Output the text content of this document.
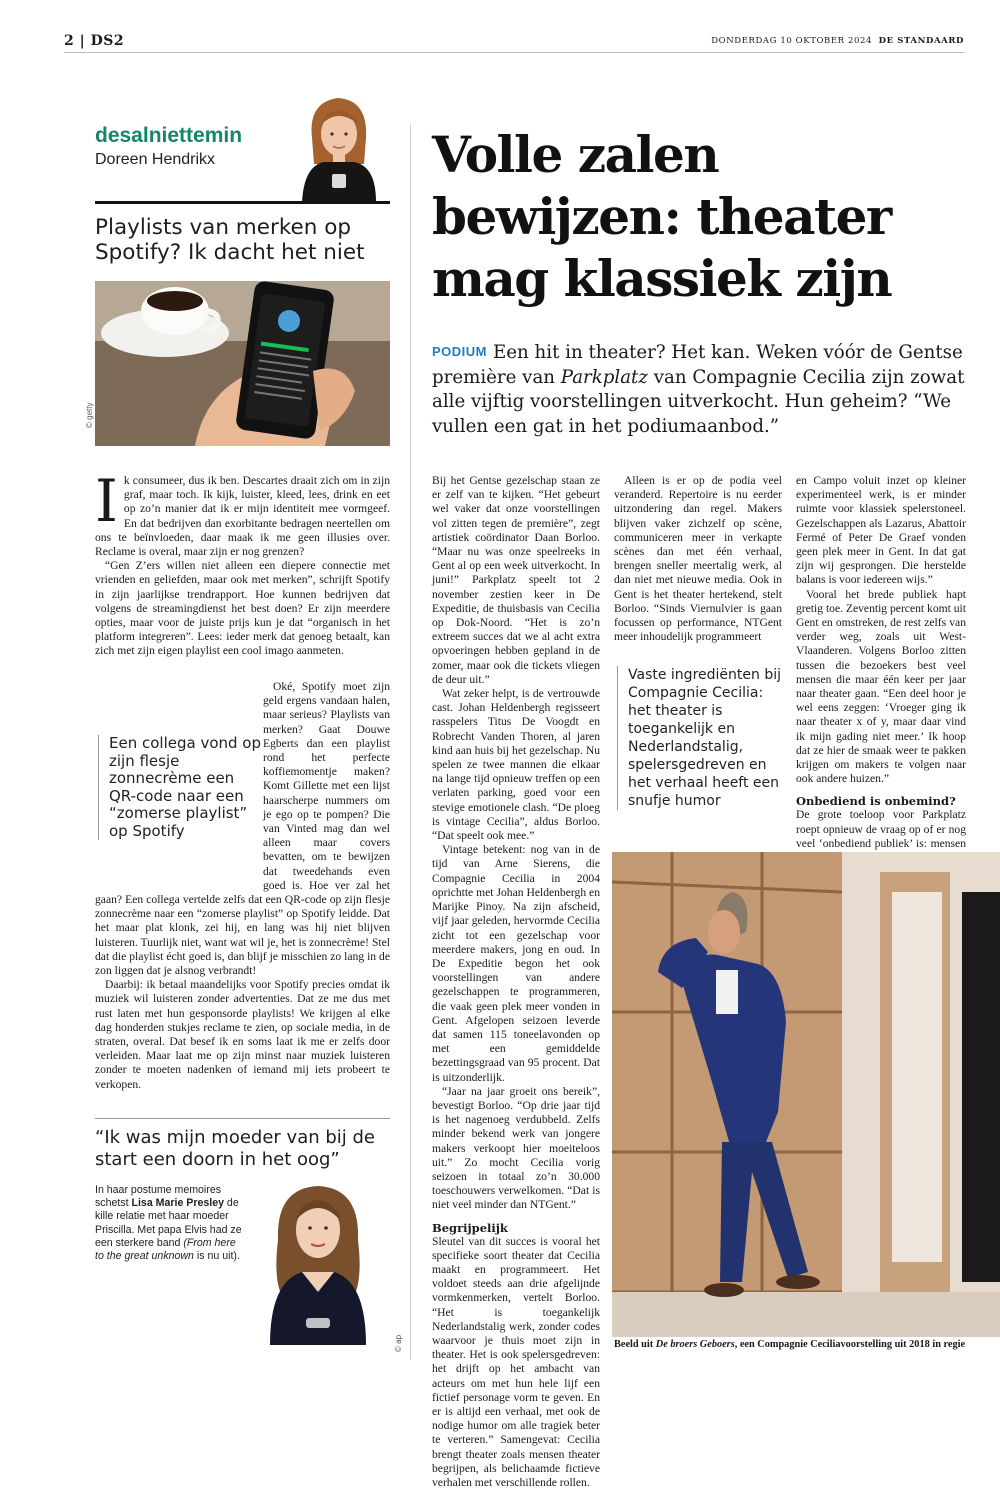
2 | DS2	DONDERDAG 10 OKTOBER 2024 DE STANDAARD
desalniettemin
Doreen Hendrikx
Playlists van merken op Spotify? Ik dacht het niet
© getty

Ik consumeer, dus ik ben. Descartes draait zich om in zijn graf, maar toch. Ik kijk, luister, kleed, lees, drink en eet op zo’n manier dat ik er mijn identiteit mee vormgeef. En dat bedrijven dan exorbitante bedragen neertellen om ons te beïnvloeden, daar maak ik me geen illusies over. Reclame is overal, maar zijn er nog grenzen?

“Gen Z’ers willen niet alleen een diepere connectie met vrienden en geliefden, maar ook met merken”, schrijft Spotify in zijn jaarlijkse trendrapport. Hoe kunnen bedrijven dat volgens de streamingdienst het best doen? Er zijn meerdere opties, maar voor de juiste prijs kun je dat “organisch in het platform integreren”. Lees: ieder merk dat genoeg betaalt, kan zich met zijn eigen playlist een cool imago aanmeten.

Oké, Spotify moet zijn geld ergens vandaan halen, maar serieus? Playlists van merken? Gaat Douwe Egberts dan een playlist rond het perfecte koffiemomentje maken? Komt Gillette met een lijst haarscherpe nummers om je ego op te pompen? Die van Vinted mag dan wel alleen maar covers bevatten, om te bewijzen dat tweedehands even goed is. Hoe ver zal het gaan? Een collega vertelde zelfs dat een QR-code op zijn flesje zonnecrème naar een “zomerse playlist” op Spotify leidde. Dat het maar plat klonk, zei hij, en lang was hij niet blijven luisteren. Tuurlijk niet, want wat wil je, het is zonnecrème! Stel dat die playlist écht goed is, dan blijf je misschien zo lang in de zon liggen dat je alsnog verbrandt!

Daarbij: ik betaal maandelijks voor Spotify precies omdat ik muziek wil luisteren zonder advertenties. Dat ze me dus met rust laten met hun gesponsorde playlists! We krijgen al elke dag honderden stukjes reclame te zien, op sociale media, in de straten, overal. Dat besef ik en soms laat ik me er zelfs door verleiden. Maar laat me op zijn minst naar muziek luisteren zonder te moeten nadenken of iemand mij iets probeert te verkopen.

Een collega vond op zijn flesje zonnecrème een QR-code naar een “zomerse playlist” op Spotify
“Ik was mijn moeder van bij de start een doorn in het oog”
In haar postume memoires schetst Lisa Marie Presley de kille relatie met haar moeder Priscilla. Met papa Elvis had ze een sterkere band (From here to the great unknown is nu uit).
© ap
Volle zalen bewijzen: theater mag klassiek zijn
PODIUM Een hit in theater? Het kan. Weken vóór de Gentse première van Parkplatz van Compagnie Cecilia zijn zowat alle vijftig voorstellingen uitverkocht. Hun geheim? “We vullen een gat in het podiumaanbod.”

Bij het Gentse gezelschap staan ze er zelf van te kijken. “Het gebeurt wel vaker dat onze voorstellingen vol zitten tegen de première”, zegt artistiek coördinator Daan Borloo. “Maar nu was onze speelreeks in Gent al op een week uitverkocht. In juni!” Parkplatz speelt tot 2 november zestien keer in De Expeditie, de thuisbasis van Cecilia op Dok-Noord. “Het is zo’n extreem succes dat we al acht extra opvoeringen hebben gepland in de zomer, maar ook die tickets vliegen de deur uit.”

Wat zeker helpt, is de vertrouwde cast. Johan Heldenbergh regisseert rasspelers Titus De Voogdt en Robrecht Vanden Thoren, al jaren kind aan huis bij het gezelschap. Nu spelen ze twee mannen die elkaar na lange tijd opnieuw treffen op een verlaten parking, goed voor een stevige emotionele clash. “De ploeg is vintage Cecilia”, aldus Borloo. “Dat speelt ook mee.”

Vintage betekent: nog van in de tijd van Arne Sierens, die Compagnie Cecilia in 2004 oprichtte met Johan Heldenbergh en Marijke Pinoy. Na zijn afscheid, vijf jaar geleden, hervormde Cecilia zicht tot een gezelschap voor meerdere makers, jong en oud. In De Expeditie begon het ook voorstellingen van andere gezelschappen te programmeren, die vaak geen plek meer vonden in Gent. Afgelopen seizoen leverde dat samen 115 toneelavonden op met een gemiddelde bezettingsgraad van 95 procent. Dat is uitzonderlijk.

“Jaar na jaar groeit ons bereik”, bevestigt Borloo. “Op drie jaar tijd is het nagenoeg verdubbeld. Zelfs minder bekend werk van jongere makers verkoopt hier moeiteloos uit.” Zo mocht Cecilia vorig seizoen in totaal zo’n 30.000 toeschouwers verwelkomen. “Dat is niet veel minder dan NTGent.”

Begrijpelijk

Sleutel van dit succes is vooral het specifieke soort theater dat Cecilia maakt en programmeert. Het voldoet steeds aan drie afgelijnde vormkenmerken, vertelt Borloo. “Het is toegankelijk Nederlandstalig werk, zonder codes waarvoor je thuis moet zijn in theater. Het is ook spelersgedreven: het drijft op het ambacht van acteurs om met hun hele lijf een fictief personage vorm te geven. En er is altijd een verhaal, met ook de nodige humor om alle tragiek beter te verteren.” Samengevat: Cecilia brengt theater zoals mensen theater begrijpen, als belichaamde fictieve verhalen met verschillende rollen.

Alleen is er op de podia veel veranderd. Repertoire is nu eerder uitzondering dan regel. Makers blijven vaker zichzelf op scène, communiceren meer in verkapte scènes dan met één verhaal, brengen sneller meertalig werk, al dan niet met nieuwe media. Ook in Gent is het theater hertekend, stelt Borloo. “Sinds Viernulvier is gaan focussen op performance, NTGent meer inhoudelijk programmeert

Vaste ingrediënten bij Compagnie Cecilia: het theater is toegankelijk en Nederlandstalig, spelersgedreven en het verhaal heeft een snufje humor

en Campo voluit inzet op kleiner experimenteel werk, is er minder ruimte voor klassiek spelerstoneel. Gezelschappen als Lazarus, Abattoir Fermé of Peter De Graef vonden geen plek meer in Gent. In dat gat zijn wij gesprongen. Die herstelde balans is voor iedereen wijs.”

Vooral het brede publiek hapt gretig toe. Zeventig percent komt uit Gent en omstreken, de rest zelfs van verder weg, zoals uit West-Vlaanderen. Volgens Borloo zitten tussen die bezoekers best veel mensen die maar één keer per jaar naar theater gaan. “Een deel hoor je wel eens zeggen: ‘Vroeger ging ik naar theater x of y, maar daar vind ik mijn gading niet meer.’ Ik hoop dat ze hier de smaak weer te pakken krijgen om makers te volgen naar ook andere huizen.”

Onbediend is onbemind?

De grote toeloop voor Parkplatz roept opnieuw de vraag op of er nog veel ‘onbediend publiek’ is: mensen

Beeld uit De broers Geboers, een Compagnie Ceciliavoorstelling uit 2018 in regie
